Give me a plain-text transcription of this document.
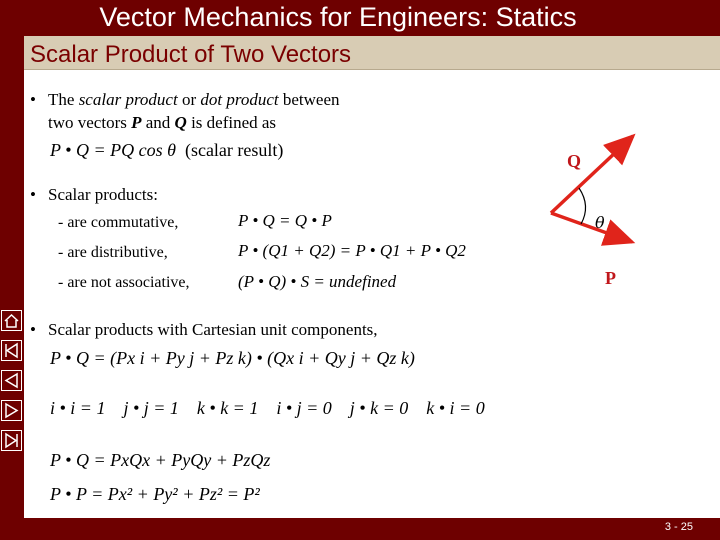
Vector Mechanics for Engineers: Statics
Scalar Product of Two Vectors
• The scalar product or dot product between
two vectors P and Q is defined as
P • Q = PQ cos θ (scalar result)
• Scalar products:
- are commutative,	P • Q = Q • P
- are distributive,	P • (Q1 + Q2) = P • Q1 + P • Q2
- are not associative,	(P • Q) • S = undefined
• Scalar products with Cartesian unit components,
P • Q = (Px i + Py j + Pz k) • (Qx i + Qy j + Qz k)
i • i = 1 j • j = 1 k • k = 1 i • j = 0 j • k = 0 k • i = 0
P • Q = PxQx + PyQy + PzQz
P • P = Px² + Py² + Pz² = P²
Q
P
θ
3 - 25
